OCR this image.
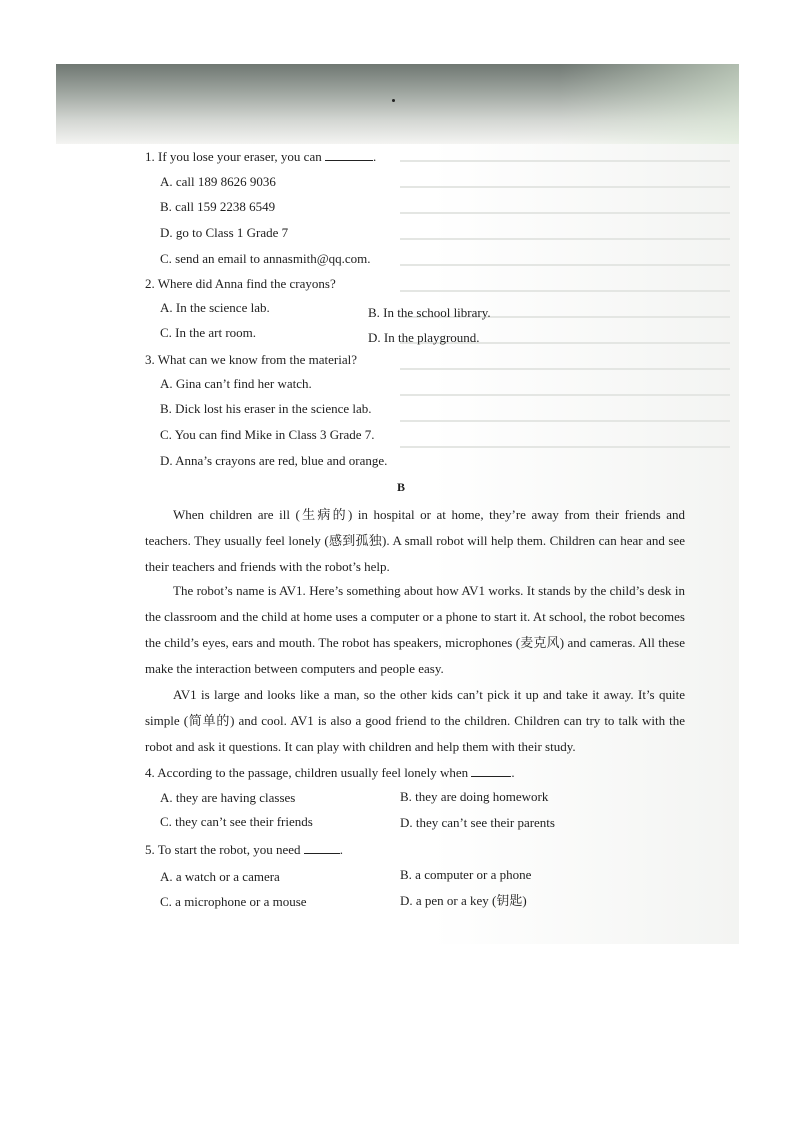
1. If you lose your eraser, you can	.
A. call 189 8626 9036
B. call 159 2238 6549
D. go to Class 1 Grade 7
C. send an email to annasmith@qq.com.
2. Where did Anna find the crayons?
A. In the science lab.	B. In the school library.
C. In the art room.	D. In the playground.
3. What can we know from the material?
A. Gina can’t find her watch.
B. Dick lost his eraser in the science lab.
C. You can find Mike in Class 3 Grade 7.
D. Anna’s crayons are red, blue and orange.
B
When children are ill (生病的) in hospital or at home, they’re away from their friends and teachers. They usually feel lonely (感到孤独). A small robot will help them. Children can hear and see their teachers and friends with the robot’s help.
The robot’s name is AV1. Here’s something about how AV1 works. It stands by the child’s desk in the classroom and the child at home uses a computer or a phone to start it. At school, the robot becomes the child’s eyes, ears and mouth. The robot has speakers, microphones (麦克风) and cameras. All these make the interaction between computers and people easy.
AV1 is large and looks like a man, so the other kids can’t pick it up and take it away. It’s quite simple (简单的) and cool. AV1 is also a good friend to the children. Children can try to talk with the robot and ask it questions. It can play with children and help them with their study.
4. According to the passage, children usually feel lonely when	.
A. they are having classes	B. they are doing homework
C. they can’t see their friends	D. they can’t see their parents
5. To start the robot, you need	.
A. a watch or a camera	B. a computer or a phone
C. a microphone or a mouse	D. a pen or a key (钥匙)
